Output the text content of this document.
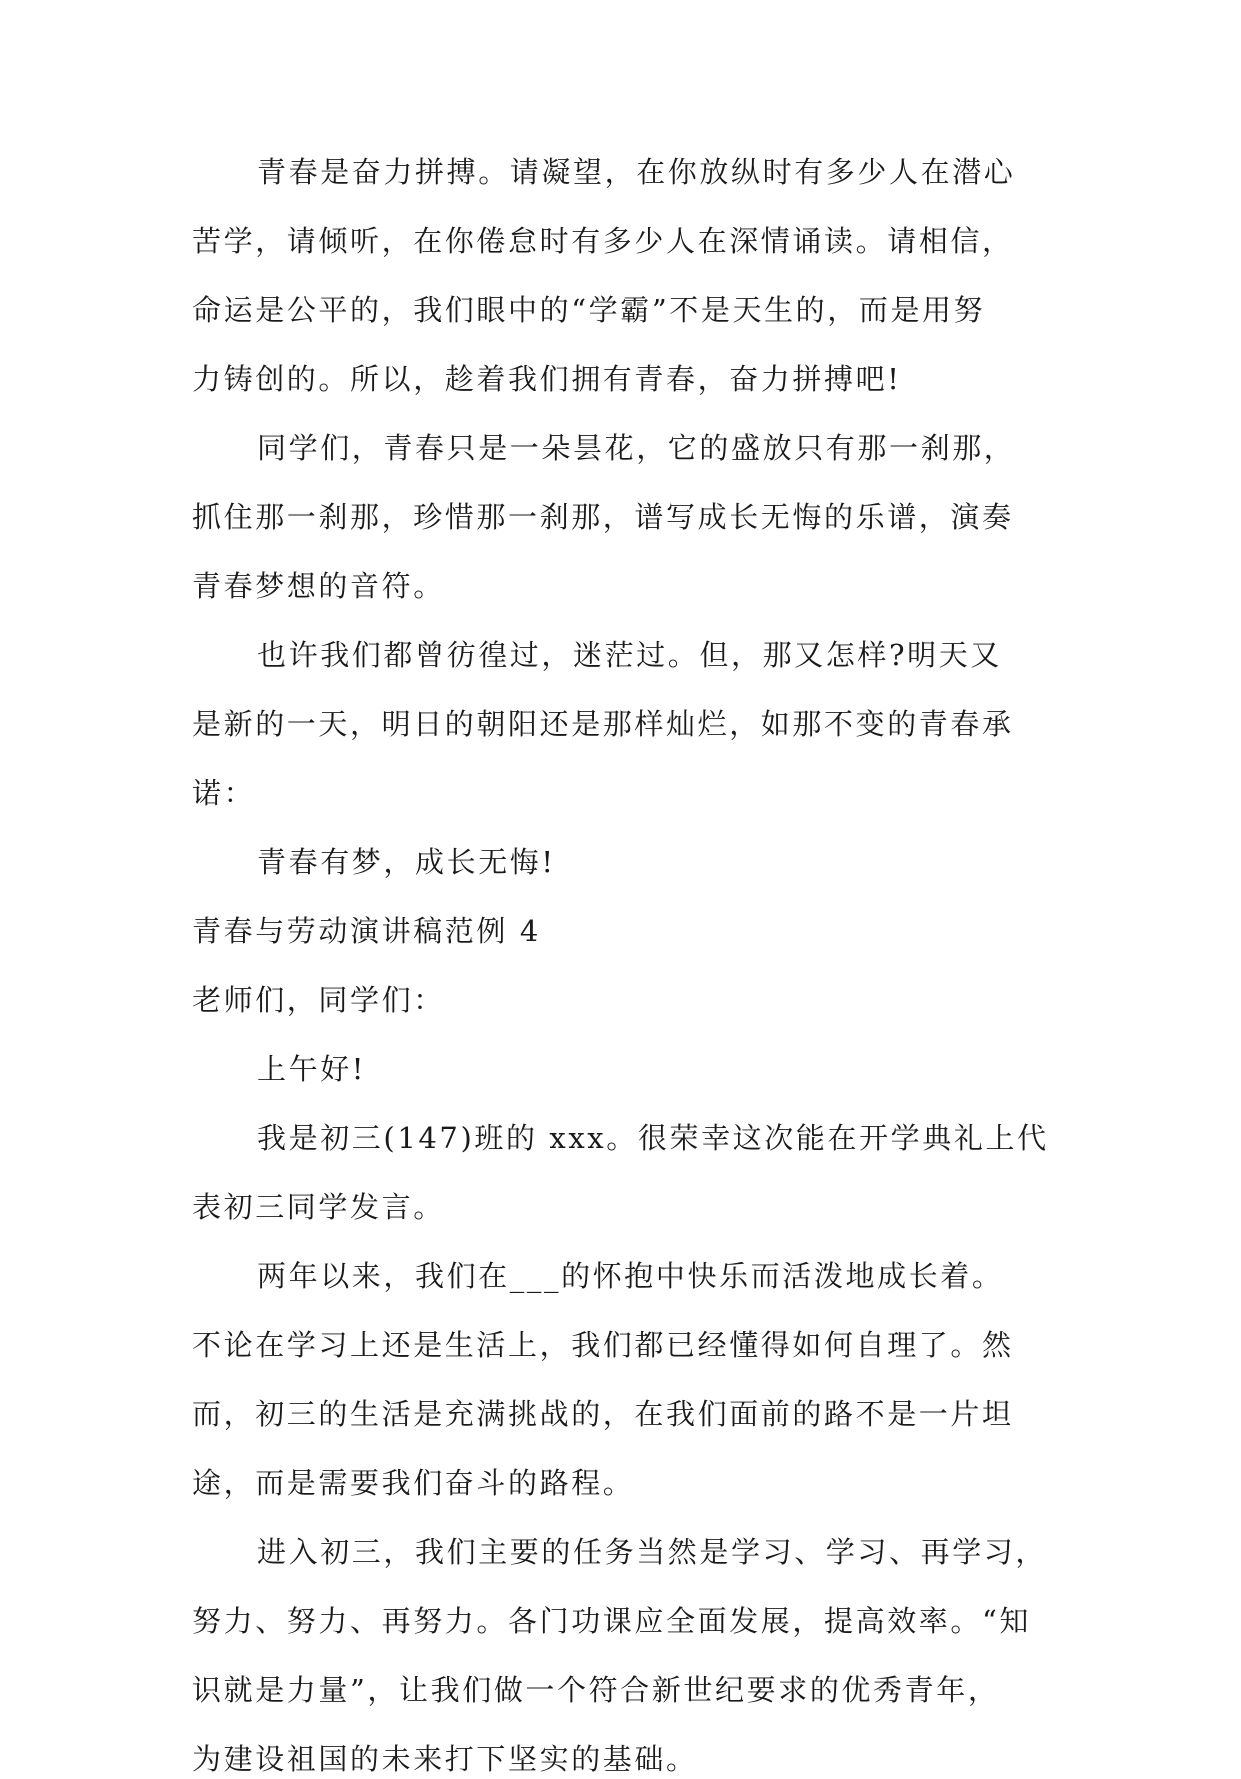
青春是奋力拼搏。请凝望，在你放纵时有多少人在潜心

苦学，请倾听，在你倦怠时有多少人在深情诵读。请相信，

命运是公平的，我们眼中的“学霸”不是天生的，而是用努

力铸创的。所以，趁着我们拥有青春，奋力拼搏吧!

同学们，青春只是一朵昙花，它的盛放只有那一刹那，

抓住那一刹那，珍惜那一刹那，谱写成长无悔的乐谱，演奏

青春梦想的音符。

也许我们都曾彷徨过，迷茫过。但，那又怎样?明天又

是新的一天，明日的朝阳还是那样灿烂，如那不变的青春承

诺：

青春有梦，成长无悔!

青春与劳动演讲稿范例 4

老师们，同学们：

上午好!

我是初三(147)班的 xxx。很荣幸这次能在开学典礼上代

表初三同学发言。

两年以来，我们在___的怀抱中快乐而活泼地成长着。

不论在学习上还是生活上，我们都已经懂得如何自理了。然

而，初三的生活是充满挑战的，在我们面前的路不是一片坦

途，而是需要我们奋斗的路程。

进入初三，我们主要的任务当然是学习、学习、再学习，

努力、努力、再努力。各门功课应全面发展，提高效率。“知

识就是力量”，让我们做一个符合新世纪要求的优秀青年，

为建设祖国的未来打下坚实的基础。
